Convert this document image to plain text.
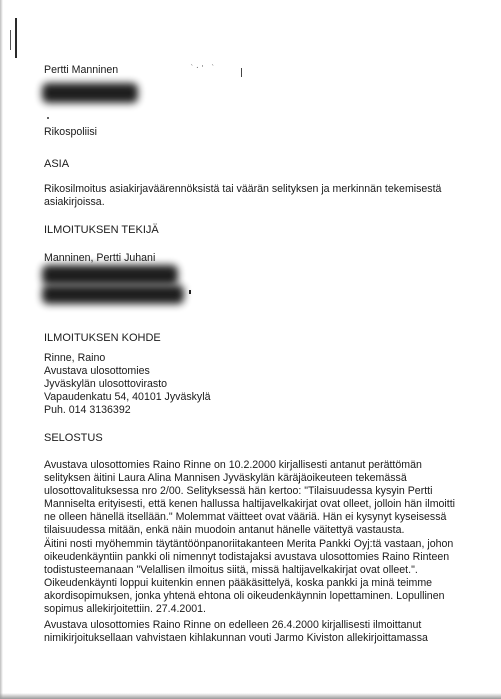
`·' `
Pertti Manninen
Rikospoliisi
ASIA
Rikosilmoitus asiakirjaväärennöksistä tai väärän selityksen ja merkinnän tekemisestä
asiakirjoissa.
ILMOITUKSEN TEKIJÄ
Manninen, Pertti Juhani
ILMOITUKSEN KOHDE
Rinne, Raino
Avustava ulosottomies
Jyväskylän ulosottovirasto
Vapaudenkatu 54, 40101 Jyväskylä
Puh. 014 3136392
SELOSTUS
Avustava ulosottomies Raino Rinne on 10.2.2000 kirjallisesti antanut perättömän
selityksen äitini Laura Alina Mannisen Jyväskylän käräjäoikeuteen tekemässä
ulosottovalituksessa nro 2/00. Selityksessä hän kertoo: "Tilaisuudessa kysyin Pertti
Manniselta erityisesti, että kenen hallussa haltijavelkakirjat ovat olleet, jolloin hän ilmoitti
ne olleen hänellä itsellään." Molemmat väitteet ovat vääriä. Hän ei kysynyt kyseisessä
tilaisuudessa mitään, enkä näin muodoin antanut hänelle väitettyä vastausta.
Äitini nosti myöhemmin täytäntöönpanoriitakanteen Merita Pankki Oyj:tä vastaan, johon
oikeudenkäyntiin pankki oli nimennyt todistajaksi avustava ulosottomies Raino Rinteen
todistusteemanaan "Velallisen ilmoitus siitä, missä haltijavelkakirjat ovat olleet.".
Oikeudenkäynti loppui kuitenkin ennen pääkäsittelyä, koska pankki ja minä teimme
akordisopimuksen, jonka yhtenä ehtona oli oikeudenkäynnin lopettaminen. Lopullinen
sopimus allekirjoitettiin. 27.4.2001.
Avustava ulosottomies Raino Rinne on edelleen 26.4.2000 kirjallisesti ilmoittanut
nimikirjoituksellaan vahvistaen kihlakunnan vouti Jarmo Kiviston allekirjoittamassa
